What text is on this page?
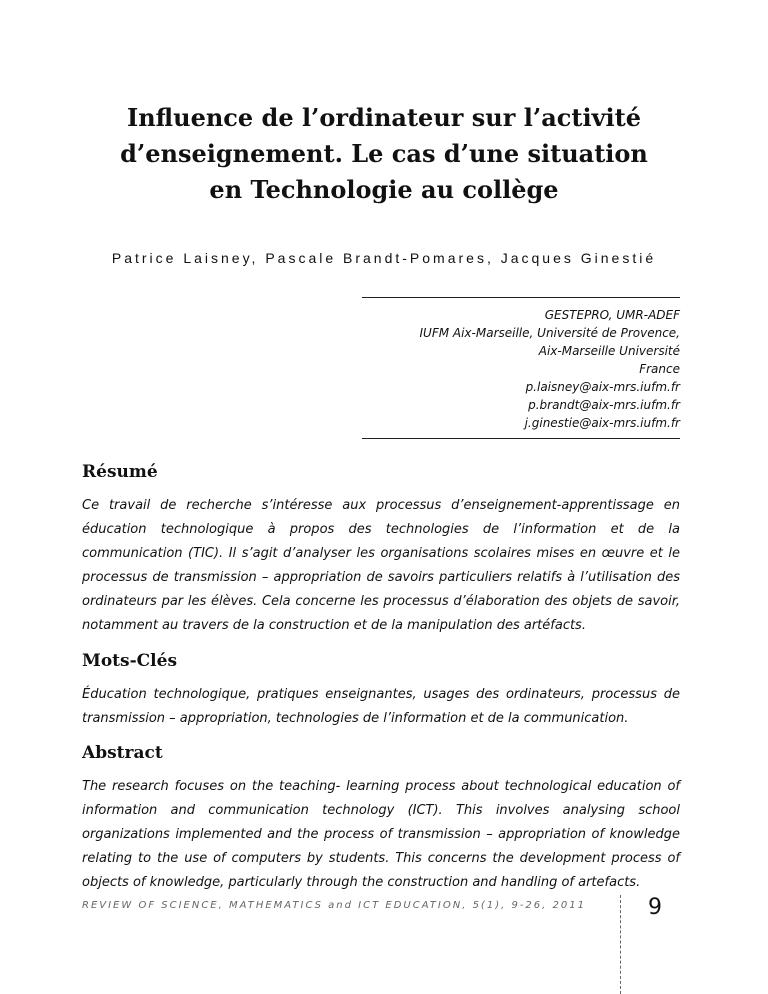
Influence de l’ordinateur sur l’activité
d’enseignement. Le cas d’une situation
en Technologie au collège
Patrice Laisney, Pascale Brandt-Pomares, Jacques Ginestié
GESTEPRO, UMR-ADEF
IUFM Aix-Marseille, Université de Provence,
Aix-Marseille Université
France
p.laisney@aix-mrs.iufm.fr
p.brandt@aix-mrs.iufm.fr
j.ginestie@aix-mrs.iufm.fr
Résumé

Ce travail de recherche s’intéresse aux processus d’enseignement-apprentissage en éducation technologique à propos des technologies de l’information et de la communication (TIC). Il s’agit d’analyser les organisations scolaires mises en œuvre et le processus de transmission – appropriation de savoirs particuliers relatifs à l’utilisation des ordinateurs par les élèves. Cela concerne les processus d’élaboration des objets de savoir, notamment au travers de la construction et de la manipulation des artéfacts.

Mots-Clés

Éducation technologique, pratiques enseignantes, usages des ordinateurs, processus de transmission – appropriation, technologies de l’information et de la communication.

Abstract

The research focuses on the teaching- learning process about technological education of information and communication technology (ICT). This involves analysing school organizations implemented and the process of transmission – appropriation of knowledge relating to the use of computers by students. This concerns the development process of objects of knowledge, particularly through the construction and handling of artefacts.

REVIEW OF SCIENCE, MATHEMATICS and ICT EDUCATION, 5(1), 9-26, 2011	9
